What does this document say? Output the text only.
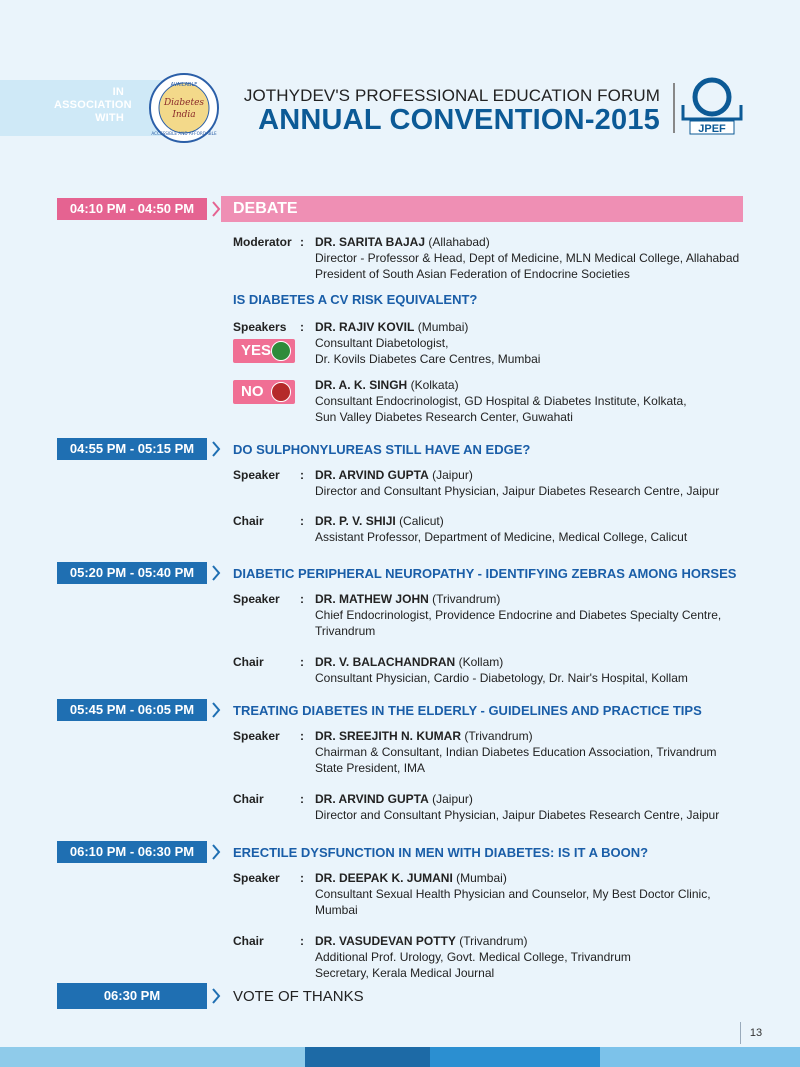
IN
ASSOCIATION
WITH
Diabetes
India
AVAILABLE
ACCESSIBLE AND AFFORDABLE
JOTHYDEV'S PROFESSIONAL EDUCATION FORUM
ANNUAL CONVENTION-2015	JPEF
04:10 PM - 04:50 PM	DEBATE
Moderator : DR. SARITA BAJAJ (Allahabad)
Director - Professor & Head, Dept of Medicine, MLN Medical College, Allahabad
President of South Asian Federation of Endocrine Societies
IS DIABETES A CV RISK EQUIVALENT?
Speakers : DR. RAJIV KOVIL (Mumbai)
Consultant Diabetologist,
Dr. Kovils Diabetes Care Centres, Mumbai
YES
NO	DR. A. K. SINGH (Kolkata)
Consultant Endocrinologist, GD Hospital & Diabetes Institute, Kolkata,
Sun Valley Diabetes Research Center, Guwahati
04:55 PM - 05:15 PM	DO SULPHONYLUREAS STILL HAVE AN EDGE?
Speaker : DR. ARVIND GUPTA (Jaipur)
Director and Consultant Physician, Jaipur Diabetes Research Centre, Jaipur
Chair	: DR. P. V. SHIJI (Calicut)
Assistant Professor, Department of Medicine, Medical College, Calicut
05:20 PM - 05:40 PM	DIABETIC PERIPHERAL NEUROPATHY - IDENTIFYING ZEBRAS AMONG HORSES
Speaker : DR. MATHEW JOHN (Trivandrum)
Chief Endocrinologist, Providence Endocrine and Diabetes Specialty Centre,
Trivandrum
Chair	: DR. V. BALACHANDRAN (Kollam)
Consultant Physician, Cardio - Diabetology, Dr. Nair's Hospital, Kollam
05:45 PM - 06:05 PM	TREATING DIABETES IN THE ELDERLY - GUIDELINES AND PRACTICE TIPS
Speaker : DR. SREEJITH N. KUMAR (Trivandrum)
Chairman & Consultant, Indian Diabetes Education Association, Trivandrum
State President, IMA
Chair	: DR. ARVIND GUPTA (Jaipur)
Director and Consultant Physician, Jaipur Diabetes Research Centre, Jaipur
06:10 PM - 06:30 PM	ERECTILE DYSFUNCTION IN MEN WITH DIABETES: IS IT A BOON?
Speaker : DR. DEEPAK K. JUMANI (Mumbai)
Consultant Sexual Health Physician and Counselor, My Best Doctor Clinic,
Mumbai
Chair	: DR. VASUDEVAN POTTY (Trivandrum)
Additional Prof. Urology, Govt. Medical College, Trivandrum
Secretary, Kerala Medical Journal
06:30 PM	VOTE OF THANKS
13
